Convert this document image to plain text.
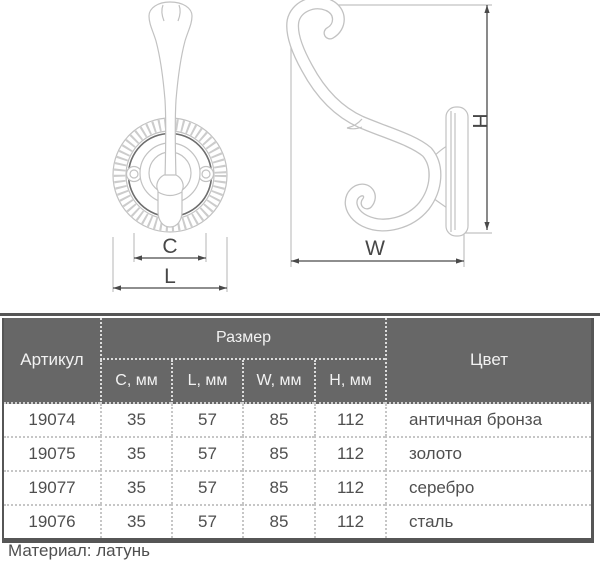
C
L
H
W
Артикул	Размер				Цвет
	C, мм	L, мм	W, мм	H, мм	
19074	35	57	85	112	античная бронза
19075	35	57	85	112	золото
19077	35	57	85	112	серебро
19076	35	57	85	112	сталь
Материал: латунь
